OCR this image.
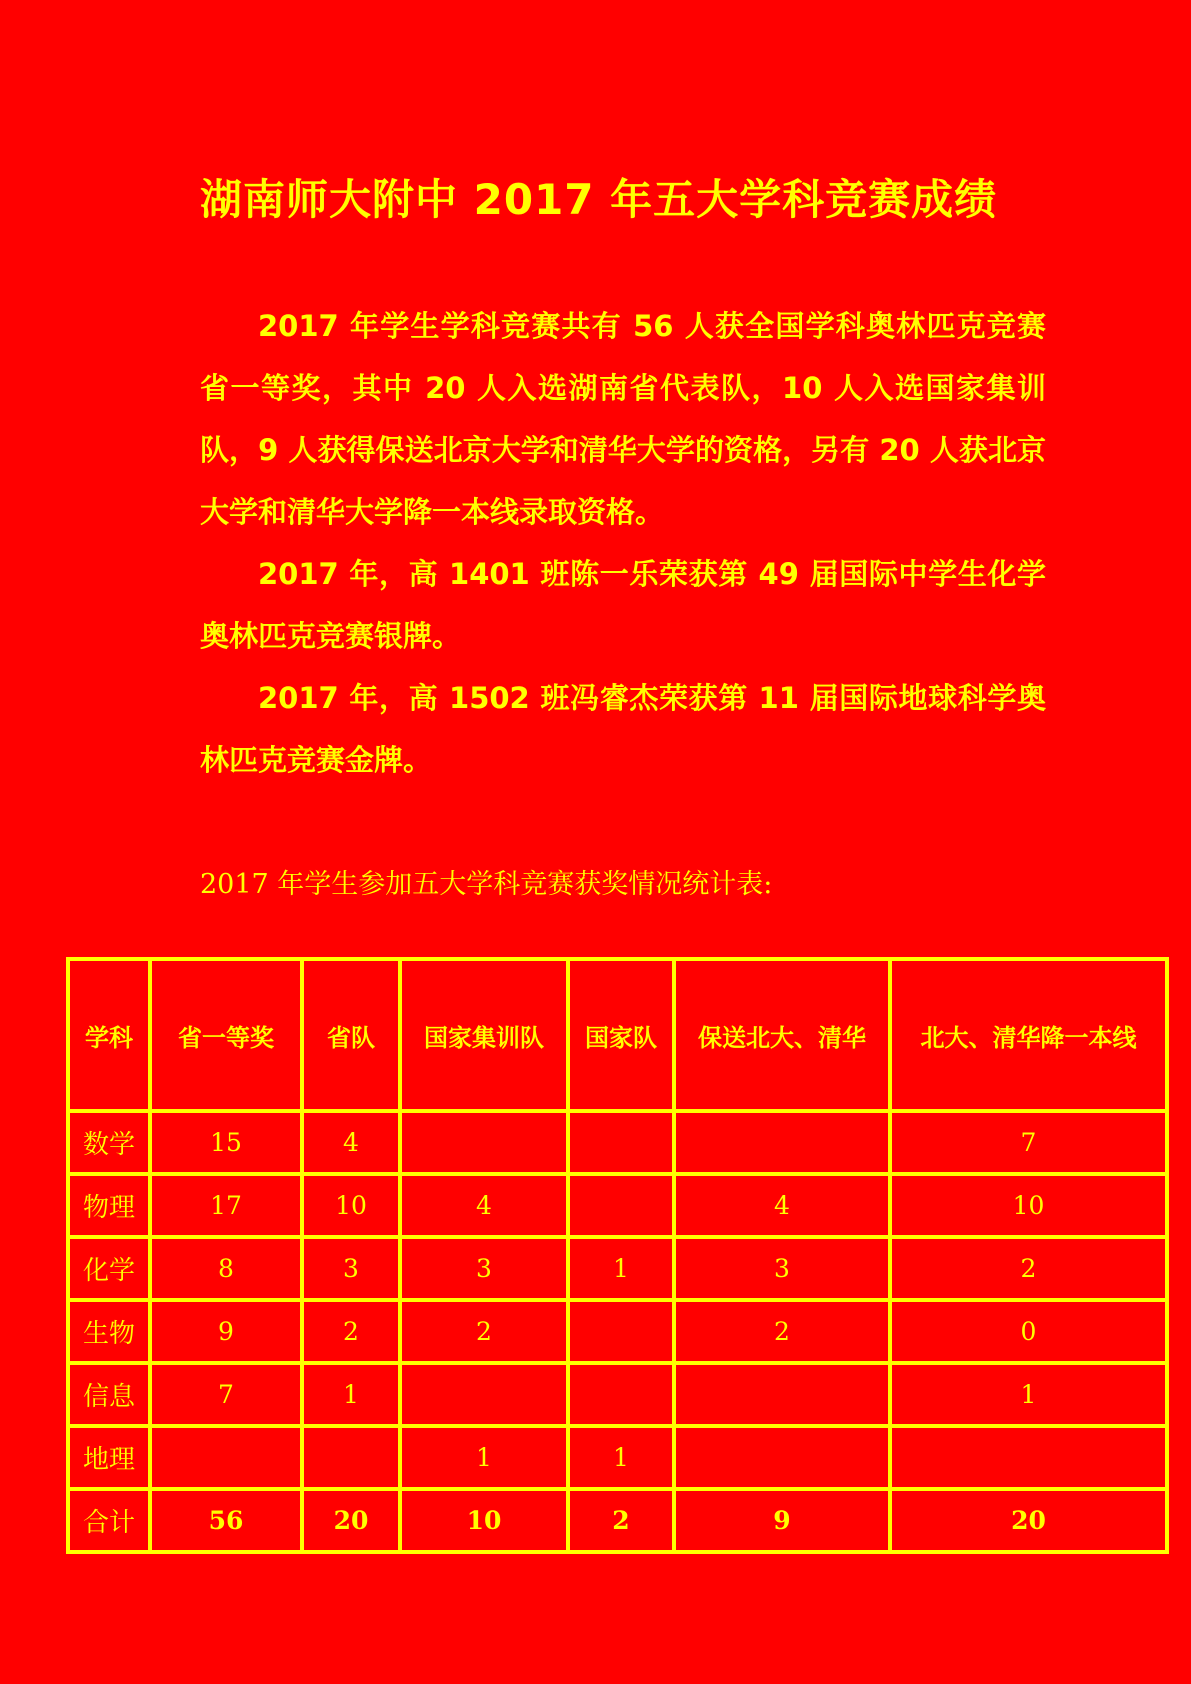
湖南师大附中 2017 年五大学科竞赛成绩

2017 年学生学科竞赛共有 56 人获全国学科奥林匹克竞赛省一等奖，其中 20 人入选湖南省代表队，10 人入选国家集训队，9 人获得保送北京大学和清华大学的资格，另有 20 人获北京大学和清华大学降一本线录取资格。

2017 年，高 1401 班陈一乐荣获第 49 届国际中学生化学奥林匹克竞赛银牌。

2017 年，高 1502 班冯睿杰荣获第 11 届国际地球科学奥林匹克竞赛金牌。

2017 年学生参加五大学科竞赛获奖情况统计表:
学科	省一等奖	省队	国家集训队	国家队	保送北大、清华	北大、清华降一本线
数学	15	4				7
物理	17	10	4		4	10
化学	8	3	3	1	3	2
生物	9	2	2		2	0
信息	7	1				1
地理			1	1		
合计	56	20	10	2	9	20
